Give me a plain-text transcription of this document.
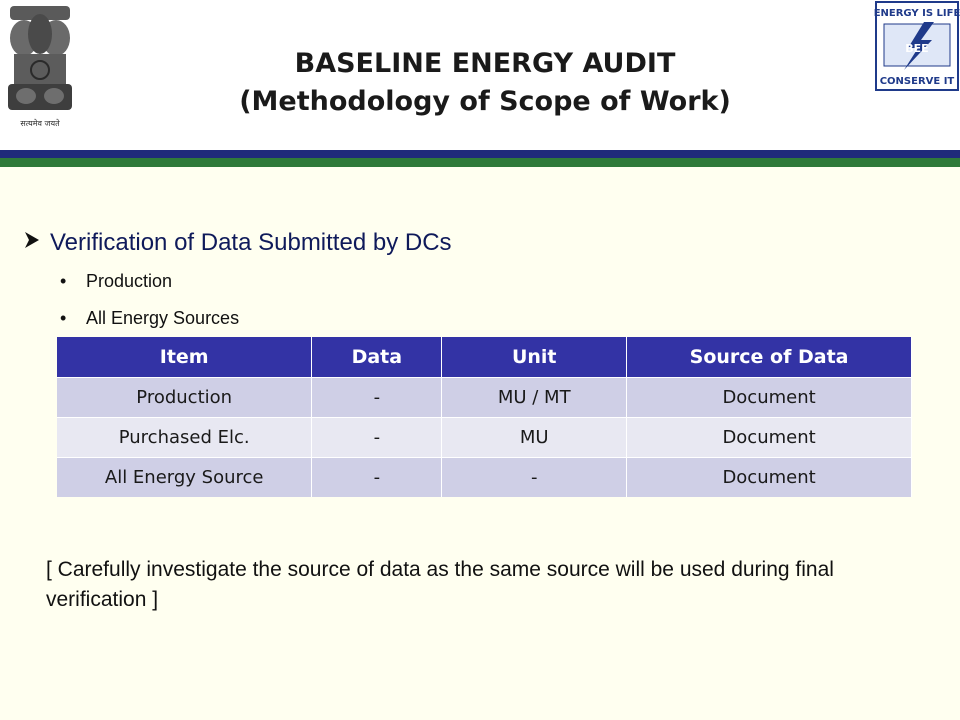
सत्यमेव जयते
BASELINE ENERGY AUDIT
(Methodology of Scope of Work)
ENERGY IS LIFE
BEE
CONSERVE IT
Verification of Data Submitted by DCs
• Production
• All Energy Sources
Item	Data	Unit	Source of Data
Production	-	MU / MT	Document
Purchased Elc.	-	MU	Document
All Energy Source	-	-	Document
[ Carefully investigate the source of data as the same source will be used during final verification ]
